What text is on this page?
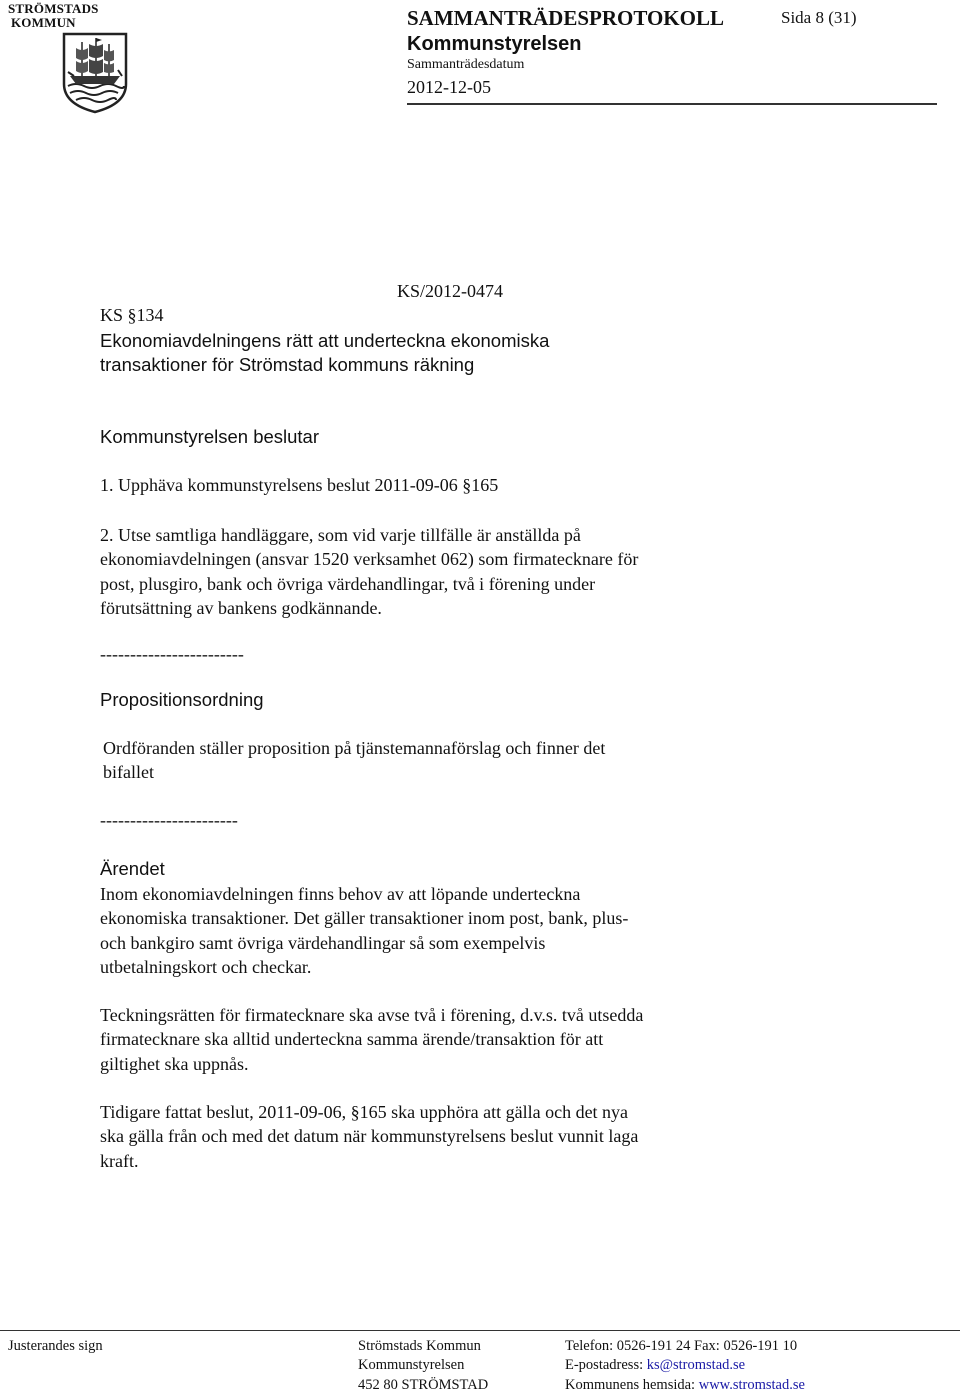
STRÖMSTADS
KOMMUN	SAMMANTRÄDESPROTOKOLL	Sida 8 (31)
Kommunstyrelsen
Sammanträdesdatum
2012-12-05
KS/2012-0474
KS §134
Ekonomiavdelningens rätt att underteckna ekonomiska
transaktioner för Strömstad kommuns räkning
Kommunstyrelsen beslutar
1. Upphäva kommunstyrelsens beslut 2011-09-06 §165
2. Utse samtliga handläggare, som vid varje tillfälle är anställda på
ekonomiavdelningen (ansvar 1520 verksamhet 062) som firmatecknare för
post, plusgiro, bank och övriga värdehandlingar, två i förening under
förutsättning av bankens godkännande.
------------------------
Propositionsordning
Ordföranden ställer proposition på tjänstemannaförslag och finner det
bifallet
-----------------------
Ärendet
Inom ekonomiavdelningen finns behov av att löpande underteckna
ekonomiska transaktioner. Det gäller transaktioner inom post, bank, plus-
och bankgiro samt övriga värdehandlingar så som exempelvis
utbetalningskort och checkar.
Teckningsrätten för firmatecknare ska avse två i förening, d.v.s. två utsedda
firmatecknare ska alltid underteckna samma ärende/transaktion för att
giltighet ska uppnås.
Tidigare fattat beslut, 2011-09-06, §165 ska upphöra att gälla och det nya
ska gälla från och med det datum när kommunstyrelsens beslut vunnit laga
kraft.
Justerandes sign	Strömstads Kommun
Kommunstyrelsen
452 80 STRÖMSTAD
Telefon: 0526-191 24 Fax: 0526-191 10
E-postadress: ks@stromstad.se
Kommunens hemsida: www.stromstad.se
